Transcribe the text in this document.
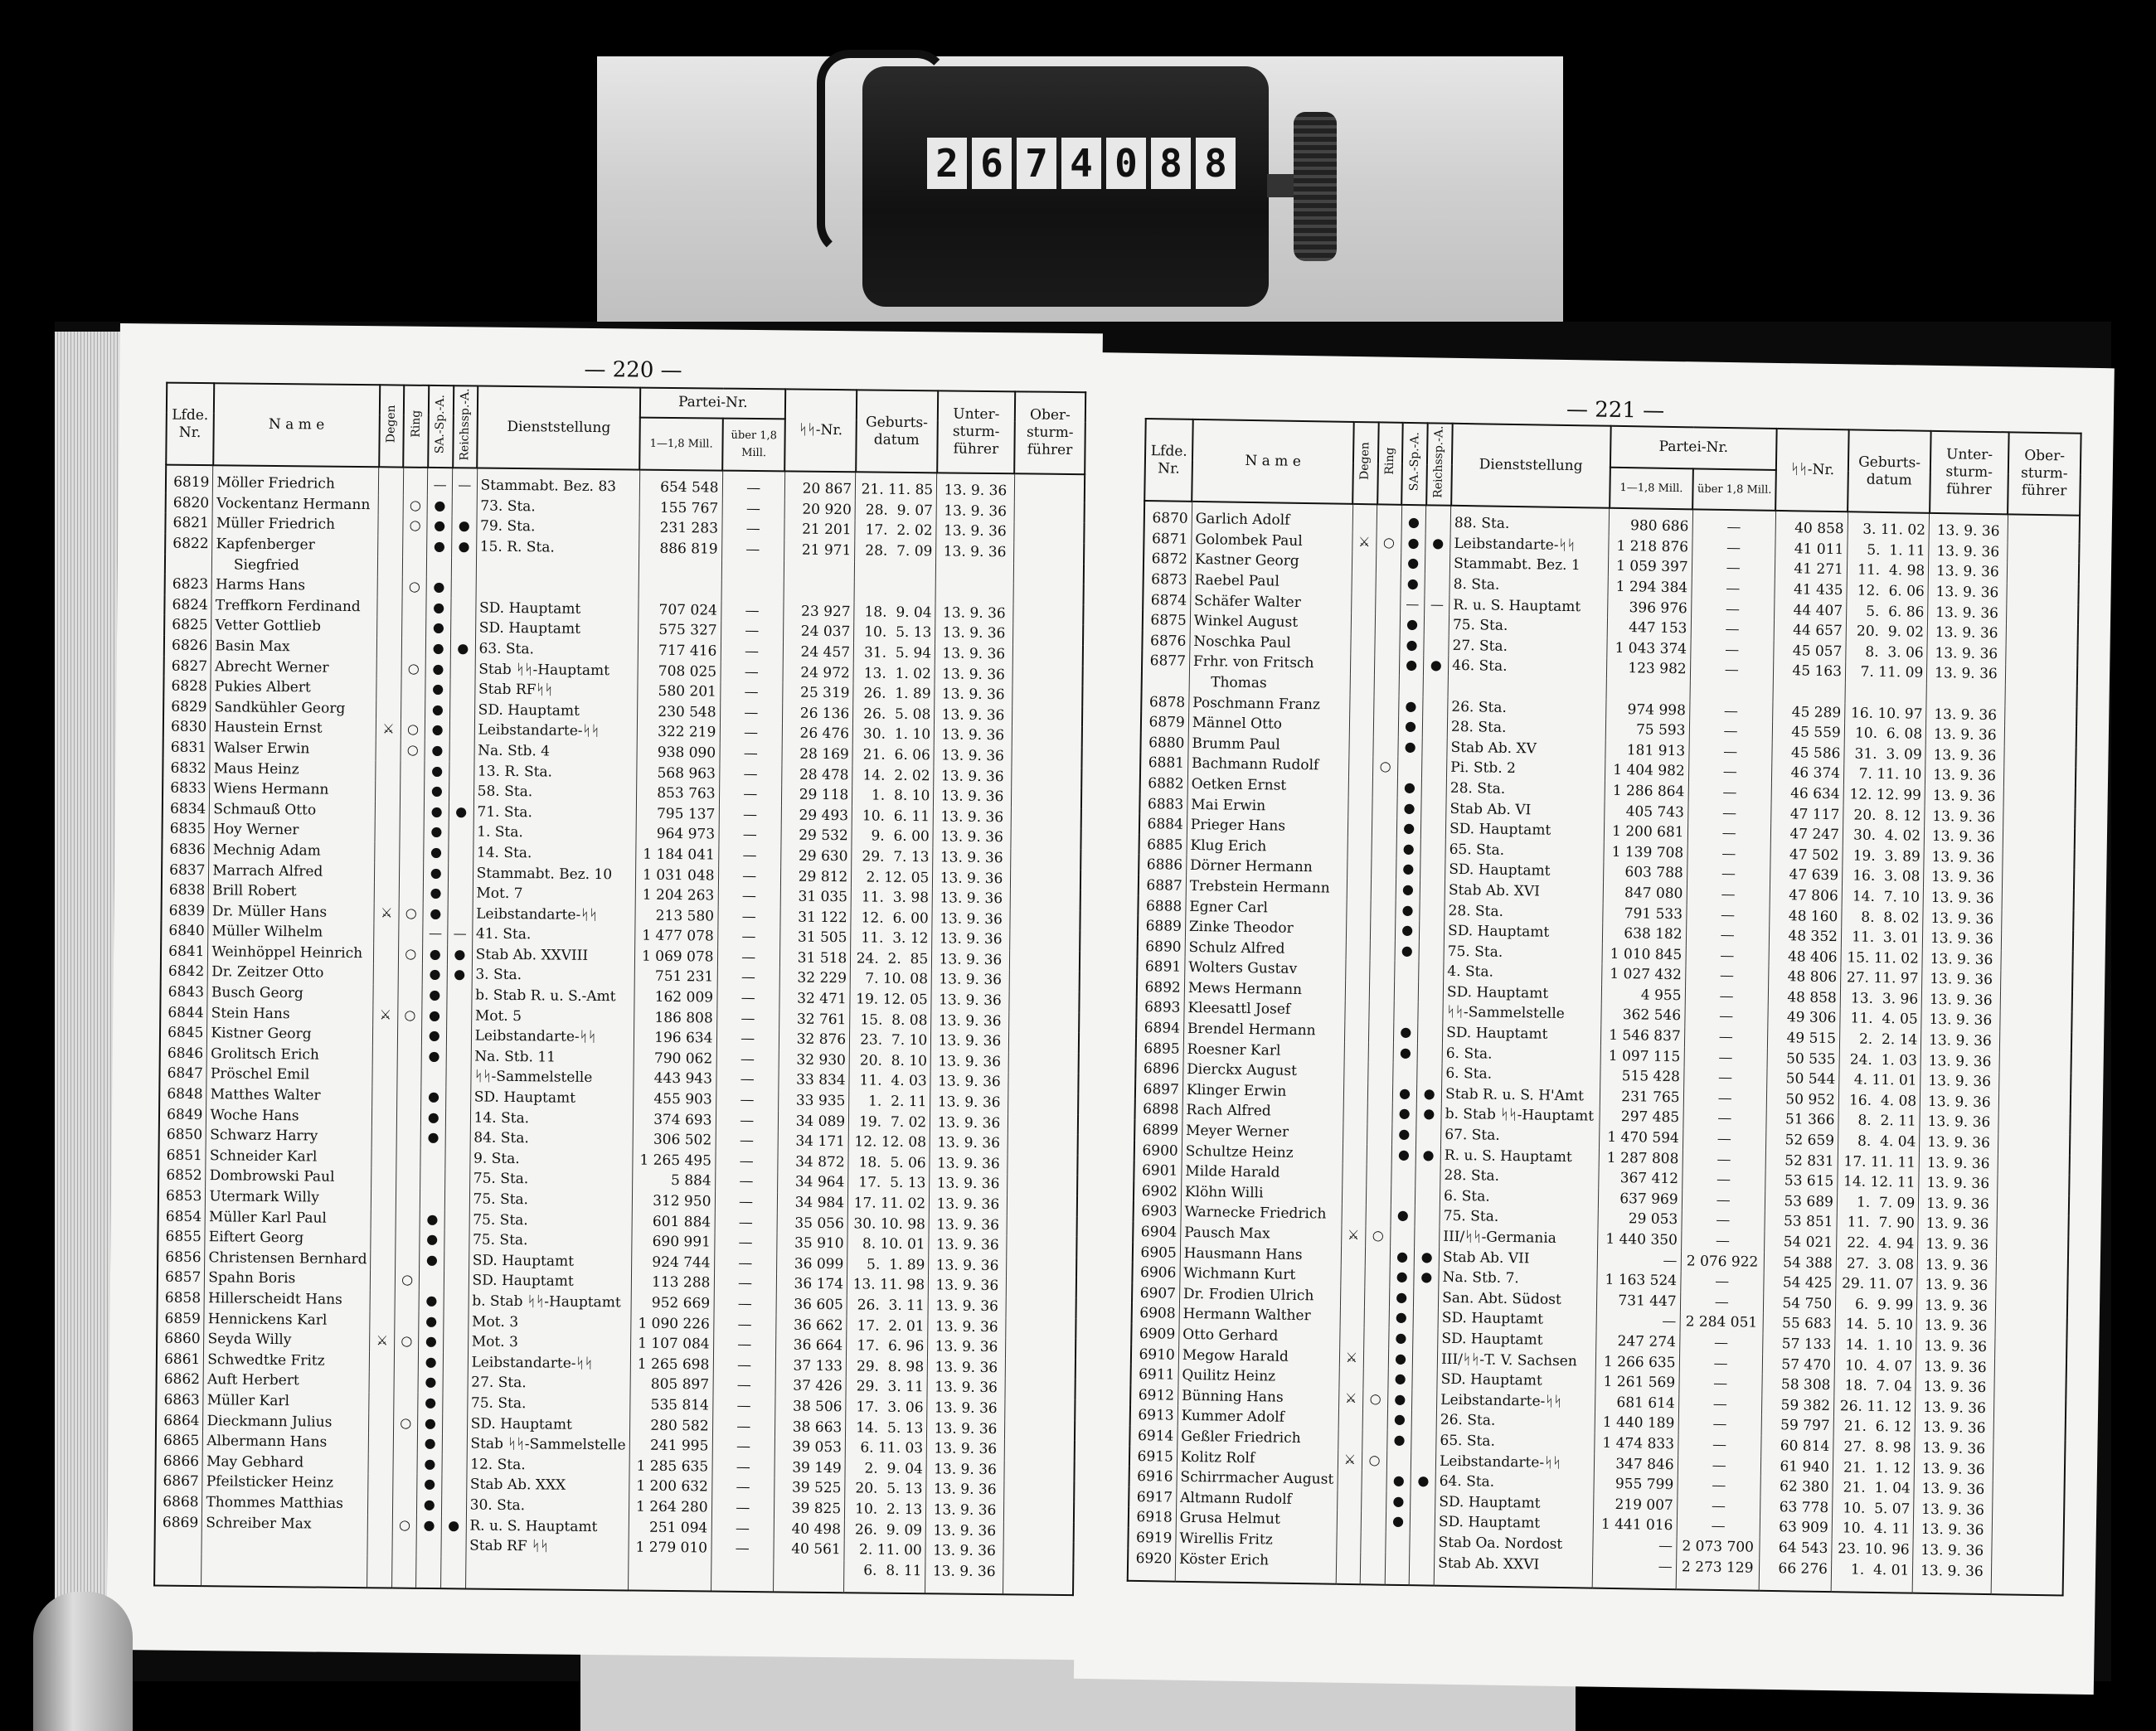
2 6 7 4 0 8 8
— 220 —
Lfde. Nr.	N a m e	Degen	Ring	SA.-Sp.-A.	Reichssp.-A.	Dienststellung	Partei-Nr.		ᛋᛋ-Nr.	Geburts-datum	Unter-sturm-führer	Ober-sturm-führer
							1—1,8 Mill.	über 1,8 Mill.				
6819	Möller Friedrich			—	—	Stammabt. Bez. 83	654 548	—	20 867	21. 11. 85	13. 9. 36	
6820	Vockentanz Hermann		○	●		73. Sta.	155 767	—	20 920	28.  9. 07	13. 9. 36	
6821	Müller Friedrich		○	●	●	79. Sta.	231 283	—	21 201	17.  2. 02	13. 9. 36	
6822	Kapfenberger			●	●	15. R. Sta.	886 819	—	21 971	28.  7. 09	13. 9. 36	
	Siegfried											
6823	Harms Hans		○	●								
6824	Treffkorn Ferdinand			●		SD. Hauptamt	707 024	—	23 927	18.  9. 04	13. 9. 36	
6825	Vetter Gottlieb			●		SD. Hauptamt	575 327	—	24 037	10.  5. 13	13. 9. 36	
6826	Basin Max			●	●	63. Sta.	717 416	—	24 457	31.  5. 94	13. 9. 36	
6827	Abrecht Werner		○	●		Stab ᛋᛋ-Hauptamt	708 025	—	24 972	13.  1. 02	13. 9. 36	
6828	Pukies Albert			●		Stab RFᛋᛋ	580 201	—	25 319	26.  1. 89	13. 9. 36	
6829	Sandkühler Georg			●		SD. Hauptamt	230 548	—	26 136	26.  5. 08	13. 9. 36	
6830	Haustein Ernst	⚔	○	●		Leibstandarte-ᛋᛋ	322 219	—	26 476	30.  1. 10	13. 9. 36	
6831	Walser Erwin		○	●		Na. Stb. 4	938 090	—	28 169	21.  6. 06	13. 9. 36	
6832	Maus Heinz			●		13. R. Sta.	568 963	—	28 478	14.  2. 02	13. 9. 36	
6833	Wiens Hermann			●		58. Sta.	853 763	—	29 118	1.  8. 10	13. 9. 36	
6834	Schmauß Otto			●	●	71. Sta.	795 137	—	29 493	10.  6. 11	13. 9. 36	
6835	Hoy Werner			●		1. Sta.	964 973	—	29 532	9.  6. 00	13. 9. 36	
6836	Mechnig Adam			●		14. Sta.	1 184 041	—	29 630	29.  7. 13	13. 9. 36	
6837	Marrach Alfred			●		Stammabt. Bez. 10	1 031 048	—	29 812	2. 12. 05	13. 9. 36	
6838	Brill Robert			●		Mot. 7	1 204 263	—	31 035	11.  3. 98	13. 9. 36	
6839	Dr. Müller Hans	⚔	○	●		Leibstandarte-ᛋᛋ	213 580	—	31 122	12.  6. 00	13. 9. 36	
6840	Müller Wilhelm			—	—	41. Sta.	1 477 078	—	31 505	11.  3. 12	13. 9. 36	
6841	Weinhöppel Heinrich		○	●	●	Stab Ab. XXVIII	1 069 078	—	31 518	24.  2.  85	13. 9. 36	
6842	Dr. Zeitzer Otto			●	●	3. Sta.	751 231	—	32 229	7. 10. 08	13. 9. 36	
6843	Busch Georg			●		b. Stab R. u. S.-Amt	162 009	—	32 471	19. 12. 05	13. 9. 36	
6844	Stein Hans	⚔	○	●		Mot. 5	186 808	—	32 761	15.  8. 08	13. 9. 36	
6845	Kistner Georg			●		Leibstandarte-ᛋᛋ	196 634	—	32 876	23.  7. 10	13. 9. 36	
6846	Grolitsch Erich			●		Na. Stb. 11	790 062	—	32 930	20.  8. 10	13. 9. 36	
6847	Pröschel Emil					ᛋᛋ-Sammelstelle	443 943	—	33 834	11.  4. 03	13. 9. 36	
6848	Matthes Walter			●		SD. Hauptamt	455 903	—	33 935	1.  2. 11	13. 9. 36	
6849	Woche Hans			●		14. Sta.	374 693	—	34 089	19.  7. 02	13. 9. 36	
6850	Schwarz Harry			●		84. Sta.	306 502	—	34 171	12. 12. 08	13. 9. 36	
6851	Schneider Karl					9. Sta.	1 265 495	—	34 872	18.  5. 06	13. 9. 36	
6852	Dombrowski Paul					75. Sta.	5 884	—	34 964	17.  5. 13	13. 9. 36	
6853	Utermark Willy					75. Sta.	312 950	—	34 984	17. 11. 02	13. 9. 36	
6854	Müller Karl Paul			●		75. Sta.	601 884	—	35 056	30. 10. 98	13. 9. 36	
6855	Eiftert Georg			●		75. Sta.	690 991	—	35 910	8. 10. 01	13. 9. 36	
6856	Christensen Bernhard			●		SD. Hauptamt	924 744	—	36 099	5.  1. 89	13. 9. 36	
6857	Spahn Boris		○			SD. Hauptamt	113 288	—	36 174	13. 11. 98	13. 9. 36	
6858	Hillerscheidt Hans			●		b. Stab ᛋᛋ-Hauptamt	952 669	—	36 605	26.  3. 11	13. 9. 36	
6859	Hennickens Karl			●		Mot. 3	1 090 226	—	36 662	17.  2. 01	13. 9. 36	
6860	Seyda Willy	⚔	○	●		Mot. 3	1 107 084	—	36 664	17.  6. 96	13. 9. 36	
6861	Schwedtke Fritz			●		Leibstandarte-ᛋᛋ	1 265 698	—	37 133	29.  8. 98	13. 9. 36	
6862	Auft Herbert			●		27. Sta.	805 897	—	37 426	29.  3. 11	13. 9. 36	
6863	Müller Karl			●		75. Sta.	535 814	—	38 506	17.  3. 06	13. 9. 36	
6864	Dieckmann Julius		○	●		SD. Hauptamt	280 582	—	38 663	14.  5. 13	13. 9. 36	
6865	Albermann Hans			●		Stab ᛋᛋ-Sammelstelle	241 995	—	39 053	6. 11. 03	13. 9. 36	
6866	May Gebhard			●		12. Sta.	1 285 635	—	39 149	2.  9. 04	13. 9. 36	
6867	Pfeilsticker Heinz			●		Stab Ab. XXX	1 200 632	—	39 525	20.  5. 13	13. 9. 36	
6868	Thommes Matthias			●		30. Sta.	1 264 280	—	39 825	10.  2. 13	13. 9. 36	
6869	Schreiber Max		○	●	●	R. u. S. Hauptamt	251 094	—	40 498	26.  9. 09	13. 9. 36	
						Stab RF ᛋᛋ	1 279 010	—	40 561	2. 11. 00	13. 9. 36	
										6.  8. 11	13. 9. 36	
— 221 —
Lfde. Nr.	N a m e	Degen	Ring	SA.-Sp.-A.	Reichssp.-A.	Dienststellung	Partei-Nr.		ᛋᛋ-Nr.	Geburts-datum	Unter-sturm-führer	Ober-sturm-führer
							1—1,8 Mill.	über 1,8 Mill.				
6870	Garlich Adolf			●		88. Sta.	980 686	—	40 858	3. 11. 02	13. 9. 36	
6871	Golombek Paul	⚔	○	●	●	Leibstandarte-ᛋᛋ	1 218 876	—	41 011	5.  1. 11	13. 9. 36	
6872	Kastner Georg			●		Stammabt. Bez. 1	1 059 397	—	41 271	11.  4. 98	13. 9. 36	
6873	Raebel Paul			●		8. Sta.	1 294 384	—	41 435	12.  6. 06	13. 9. 36	
6874	Schäfer Walter			—	—	R. u. S. Hauptamt	396 976	—	44 407	5.  6. 86	13. 9. 36	
6875	Winkel August			●		75. Sta.	447 153	—	44 657	20.  9. 02	13. 9. 36	
6876	Noschka Paul			●		27. Sta.	1 043 374	—	45 057	8.  3. 06	13. 9. 36	
6877	Frhr. von Fritsch			●	●	46. Sta.	123 982	—	45 163	7. 11. 09	13. 9. 36	
	Thomas											
6878	Poschmann Franz			●		26. Sta.	974 998	—	45 289	16. 10. 97	13. 9. 36	
6879	Männel Otto			●		28. Sta.	75 593	—	45 559	10.  6. 08	13. 9. 36	
6880	Brumm Paul			●		Stab Ab. XV	181 913	—	45 586	31.  3. 09	13. 9. 36	
6881	Bachmann Rudolf		○			Pi. Stb. 2	1 404 982	—	46 374	7. 11. 10	13. 9. 36	
6882	Oetken Ernst			●		28. Sta.	1 286 864	—	46 634	12. 12. 99	13. 9. 36	
6883	Mai Erwin			●		Stab Ab. VI	405 743	—	47 117	20.  8. 12	13. 9. 36	
6884	Prieger Hans			●		SD. Hauptamt	1 200 681	—	47 247	30.  4. 02	13. 9. 36	
6885	Klug Erich			●		65. Sta.	1 139 708	—	47 502	19.  3. 89	13. 9. 36	
6886	Dörner Hermann			●		SD. Hauptamt	603 788	—	47 639	16.  3. 08	13. 9. 36	
6887	Trebstein Hermann			●		Stab Ab. XVI	847 080	—	47 806	14.  7. 10	13. 9. 36	
6888	Egner Carl			●		28. Sta.	791 533	—	48 160	8.  8. 02	13. 9. 36	
6889	Zinke Theodor			●		SD. Hauptamt	638 182	—	48 352	11.  3. 01	13. 9. 36	
6890	Schulz Alfred			●		75. Sta.	1 010 845	—	48 406	15. 11. 02	13. 9. 36	
6891	Wolters Gustav					4. Sta.	1 027 432	—	48 806	27. 11. 97	13. 9. 36	
6892	Mews Hermann					SD. Hauptamt	4 955	—	48 858	13.  3. 96	13. 9. 36	
6893	Kleesattl Josef					ᛋᛋ-Sammelstelle	362 546	—	49 306	11.  4. 05	13. 9. 36	
6894	Brendel Hermann			●		SD. Hauptamt	1 546 837	—	49 515	2.  2. 14	13. 9. 36	
6895	Roesner Karl			●		6. Sta.	1 097 115	—	50 535	24.  1. 03	13. 9. 36	
6896	Dierckx August					6. Sta.	515 428	—	50 544	4. 11. 01	13. 9. 36	
6897	Klinger Erwin			●	●	Stab R. u. S. H'Amt	231 765	—	50 952	16.  4. 08	13. 9. 36	
6898	Rach Alfred			●	●	b. Stab ᛋᛋ-Hauptamt	297 485	—	51 366	8.  2. 11	13. 9. 36	
6899	Meyer Werner			●		67. Sta.	1 470 594	—	52 659	8.  4. 04	13. 9. 36	
6900	Schultze Heinz			●	●	R. u. S. Hauptamt	1 287 808	—	52 831	17. 11. 11	13. 9. 36	
6901	Milde Harald					28. Sta.	367 412	—	53 615	14. 12. 11	13. 9. 36	
6902	Klöhn Willi					6. Sta.	637 969	—	53 689	1.  7. 09	13. 9. 36	
6903	Warnecke Friedrich			●		75. Sta.	29 053	—	53 851	11.  7. 90	13. 9. 36	
6904	Pausch Max	⚔	○			III/ᛋᛋ-Germania	1 440 350	—	54 021	22.  4. 94	13. 9. 36	
6905	Hausmann Hans			●	●	Stab Ab. VII	—	2 076 922	54 388	27.  3. 08	13. 9. 36	
6906	Wichmann Kurt			●	●	Na. Stb. 7.	1 163 524	—	54 425	29. 11. 07	13. 9. 36	
6907	Dr. Frodien Ulrich			●		San. Abt. Südost	731 447	—	54 750	6.  9. 99	13. 9. 36	
6908	Hermann Walther			●		SD. Hauptamt	—	2 284 051	55 683	14.  5. 10	13. 9. 36	
6909	Otto Gerhard			●		SD. Hauptamt	247 274	—	57 133	14.  1. 10	13. 9. 36	
6910	Megow Harald	⚔		●		III/ᛋᛋ-T. V. Sachsen	1 266 635	—	57 470	10.  4. 07	13. 9. 36	
6911	Quilitz Heinz			●		SD. Hauptamt	1 261 569	—	58 308	18.  7. 04	13. 9. 36	
6912	Bünning Hans	⚔	○	●		Leibstandarte-ᛋᛋ	681 614	—	59 382	26. 11. 12	13. 9. 36	
6913	Kummer Adolf			●		26. Sta.	1 440 189	—	59 797	21.  6. 12	13. 9. 36	
6914	Geßler Friedrich			●		65. Sta.	1 474 833	—	60 814	27.  8. 98	13. 9. 36	
6915	Kolitz Rolf	⚔	○			Leibstandarte-ᛋᛋ	347 846	—	61 940	21.  1. 12	13. 9. 36	
6916	Schirrmacher August			●	●	64. Sta.	955 799	—	62 380	21.  1. 04	13. 9. 36	
6917	Altmann Rudolf			●		SD. Hauptamt	219 007	—	63 778	10.  5. 07	13. 9. 36	
6918	Grusa Helmut			●		SD. Hauptamt	1 441 016	—	63 909	10.  4. 11	13. 9. 36	
6919	Wirellis Fritz					Stab Oa. Nordost	—	2 073 700	64 543	23. 10. 96	13. 9. 36	
6920	Köster Erich					Stab Ab. XXVI	—	2 273 129	66 276	1.  4. 01	13. 9. 36	
